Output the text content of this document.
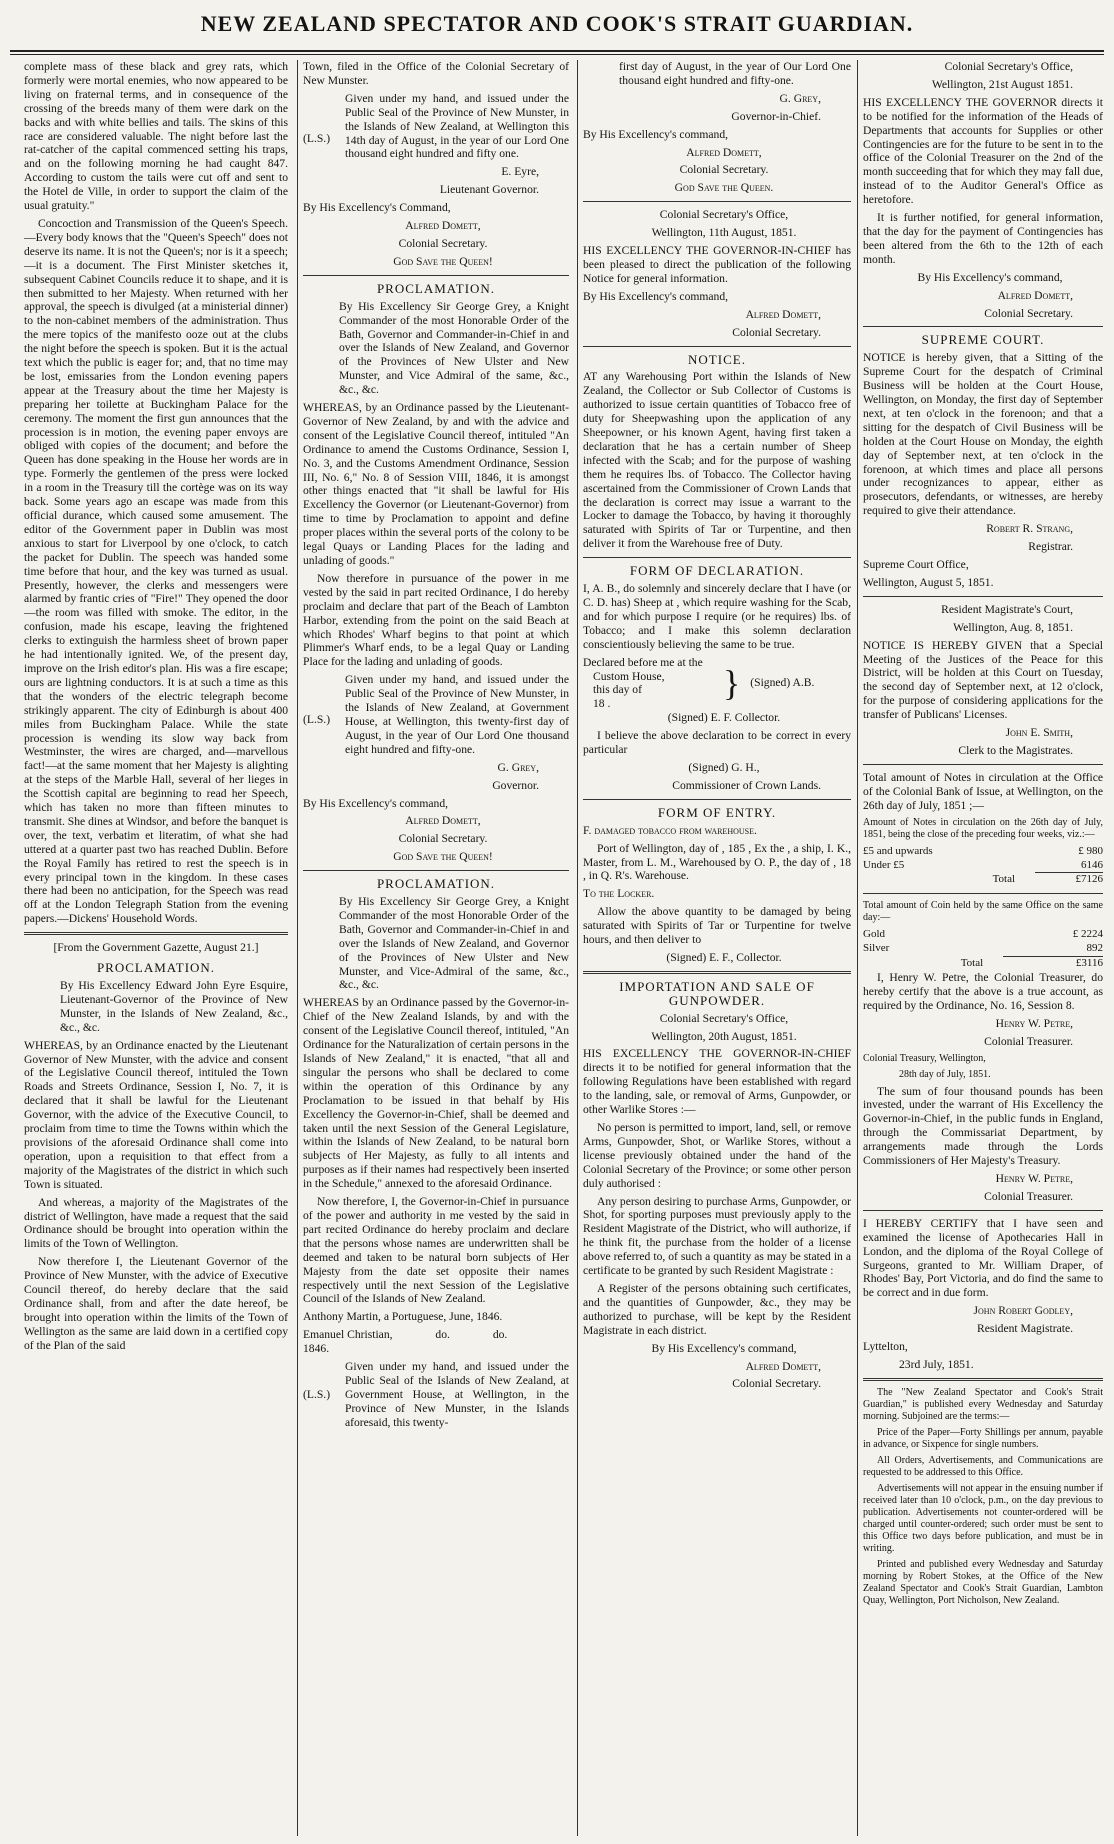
NEW ZEALAND SPECTATOR AND COOK'S STRAIT GUARDIAN.

complete mass of these black and grey rats, which formerly were mortal enemies, who now appeared to be living on fraternal terms, and in consequence of the crossing of the breeds many of them were dark on the backs and with white bellies and tails. The skins of this race are considered valuable. The night before last the rat-catcher of the capital commenced setting his traps, and on the following morning he had caught 847. According to custom the tails were cut off and sent to the Hotel de Ville, in order to support the claim of the usual gratuity."

Concoction and Transmission of the Queen's Speech.—Every body knows that the "Queen's Speech" does not deserve its name. It is not the Queen's; nor is it a speech;—it is a document. The First Minister sketches it, subsequent Cabinet Councils reduce it to shape, and it is then submitted to her Majesty. When returned with her approval, the speech is divulged (at a ministerial dinner) to the non-cabinet members of the administration. Thus the mere topics of the manifesto ooze out at the clubs the night before the speech is spoken. But it is the actual text which the public is eager for; and, that no time may be lost, emissaries from the London evening papers appear at the Treasury about the time her Majesty is preparing her toilette at Buckingham Palace for the ceremony. The moment the first gun announces that the procession is in motion, the evening paper envoys are obliged with copies of the document; and before the Queen has done speaking in the House her words are in type. Formerly the gentlemen of the press were locked in a room in the Treasury till the cortège was on its way back. Some years ago an escape was made from this official durance, which caused some amusement. The editor of the Government paper in Dublin was most anxious to start for Liverpool by one o'clock, to catch the packet for Dublin. The speech was handed some time before that hour, and the key was turned as usual. Presently, however, the clerks and messengers were alarmed by frantic cries of "Fire!" They opened the door—the room was filled with smoke. The editor, in the confusion, made his escape, leaving the frightened clerks to extinguish the harmless sheet of brown paper he had intentionally ignited. We, of the present day, improve on the Irish editor's plan. His was a fire escape; ours are lightning conductors. It is at such a time as this that the wonders of the electric telegraph become strikingly apparent. The city of Edinburgh is about 400 miles from Buckingham Palace. While the state procession is wending its slow way back from Westminster, the wires are charged, and—marvellous fact!—at the same moment that her Majesty is alighting at the steps of the Marble Hall, several of her lieges in the Scottish capital are beginning to read her Speech, which has taken no more than fifteen minutes to transmit. She dines at Windsor, and before the banquet is over, the text, verbatim et literatim, of what she had uttered at a quarter past two has reached Dublin. Before the Royal Family has retired to rest the speech is in every principal town in the kingdom. In these cases there had been no anticipation, for the Speech was read off at the London Telegraph Station from the evening papers.—Dickens' Household Words.

[From the Government Gazette, August 21.]

PROCLAMATION.

By His Excellency Edward John Eyre Esquire, Lieutenant-Governor of the Province of New Munster, in the Islands of New Zealand, &c., &c., &c.

WHEREAS, by an Ordinance enacted by the Lieutenant Governor of New Munster, with the advice and consent of the Legislative Council thereof, intituled the Town Roads and Streets Ordinance, Session I, No. 7, it is declared that it shall be lawful for the Lieutenant Governor, with the advice of the Executive Council, to proclaim from time to time the Towns within which the provisions of the aforesaid Ordinance shall come into operation, upon a requisition to that effect from a majority of the Magistrates of the district in which such Town is situated.

And whereas, a majority of the Magistrates of the district of Wellington, have made a request that the said Ordinance should be brought into operation within the limits of the Town of Wellington.

Now therefore I, the Lieutenant Governor of the Province of New Munster, with the advice of Executive Council thereof, do hereby declare that the said Ordinance shall, from and after the date hereof, be brought into operation within the limits of the Town of Wellington as the same are laid down in a certified copy of the Plan of the said

Town, filed in the Office of the Colonial Secretary of New Munster.

(L.S.)

Given under my hand, and issued under the Public Seal of the Province of New Munster, in the Islands of New Zealand, at Wellington this 14th day of August, in the year of our Lord One thousand eight hundred and fifty one.

E. Eyre,

Lieutenant Governor.

By His Excellency's Command,

Alfred Domett,

Colonial Secretary.

God Save the Queen!

PROCLAMATION.

By His Excellency Sir George Grey, a Knight Commander of the most Honorable Order of the Bath, Governor and Commander-in-Chief in and over the Islands of New Zealand, and Governor of the Provinces of New Ulster and New Munster, and Vice Admiral of the same, &c., &c., &c.

WHEREAS, by an Ordinance passed by the Lieutenant-Governor of New Zealand, by and with the advice and consent of the Legislative Council thereof, intituled "An Ordinance to amend the Customs Ordinance, Session I, No. 3, and the Customs Amendment Ordinance, Session III, No. 6," No. 8 of Session VIII, 1846, it is amongst other things enacted that "it shall be lawful for His Excellency the Governor (or Lieutenant-Governor) from time to time by Proclamation to appoint and define proper places within the several ports of the colony to be legal Quays or Landing Places for the lading and unlading of goods."

Now therefore in pursuance of the power in me vested by the said in part recited Ordinance, I do hereby proclaim and declare that part of the Beach of Lambton Harbor, extending from the point on the said Beach at which Rhodes' Wharf begins to that point at which Plimmer's Wharf ends, to be a legal Quay or Landing Place for the lading and unlading of goods.

(L.S.)

Given under my hand, and issued under the Public Seal of the Province of New Munster, in the Islands of New Zealand, at Government House, at Wellington, this twenty-first day of August, in the year of Our Lord One thousand eight hundred and fifty-one.

G. Grey,

Governor.

By His Excellency's command,

Alfred Domett,

Colonial Secretary.

God Save the Queen!

PROCLAMATION.

By His Excellency Sir George Grey, a Knight Commander of the most Honorable Order of the Bath, Governor and Commander-in-Chief in and over the Islands of New Zealand, and Governor of the Provinces of New Ulster and New Munster, and Vice-Admiral of the same, &c., &c., &c.

WHEREAS by an Ordinance passed by the Governor-in-Chief of the New Zealand Islands, by and with the consent of the Legislative Council thereof, intituled, "An Ordinance for the Naturalization of certain persons in the Islands of New Zealand," it is enacted, "that all and singular the persons who shall be declared to come within the operation of this Ordinance by any Proclamation to be issued in that behalf by His Excellency the Governor-in-Chief, shall be deemed and taken until the next Session of the General Legislature, within the Islands of New Zealand, to be natural born subjects of Her Majesty, as fully to all intents and purposes as if their names had respectively been inserted in the Schedule," annexed to the aforesaid Ordinance.

Now therefore, I, the Governor-in-Chief in pursuance of the power and authority in me vested by the said in part recited Ordinance do hereby proclaim and declare that the persons whose names are underwritten shall be deemed and taken to be natural born subjects of Her Majesty from the date set opposite their names respectively until the next Session of the Legislative Council of the Islands of New Zealand.

Anthony Martin, a Portuguese, June, 1846.

Emanuel Christian,	do.	do.
1846.

(L.S.)

Given under my hand, and issued under the Public Seal of the Islands of New Zealand, at Government House, at Wellington, in the Province of New Munster, in the Islands aforesaid, this twenty-

first day of August, in the year of Our Lord One thousand eight hundred and fifty-one.

G. Grey,

Governor-in-Chief.

By His Excellency's command,

Alfred Domett,

Colonial Secretary.

God Save the Queen.

Colonial Secretary's Office,

Wellington, 11th August, 1851.

HIS EXCELLENCY THE GOVERNOR-IN-CHIEF has been pleased to direct the publication of the following Notice for general information.

By His Excellency's command,

Alfred Domett,

Colonial Secretary.

NOTICE.

AT any Warehousing Port within the Islands of New Zealand, the Collector or Sub Collector of Customs is authorized to issue certain quantities of Tobacco free of duty for Sheepwashing upon the application of any Sheepowner, or his known Agent, having first taken a declaration that he has a certain number of Sheep infected with the Scab; and for the purpose of washing them he requires lbs. of Tobacco. The Collector having ascertained from the Commissioner of Crown Lands that the declaration is correct may issue a warrant to the Locker to damage the Tobacco, by having it thoroughly saturated with Spirits of Tar or Turpentine, and then deliver it from the Warehouse free of Duty.

FORM OF DECLARATION.

I, A. B., do solemnly and sincerely declare that I have (or C. D. has) Sheep at , which require washing for the Scab, and for which purpose I require (or he requires) lbs. of Tobacco; and I make this solemn declaration conscientiously believing the same to be true.

Declared before me at the
Custom House,
this day of
18 .
} (Signed) A.B.

(Signed) E. F. Collector.

I believe the above declaration to be correct in every particular

(Signed) G. H.,

Commissioner of Crown Lands.

FORM OF ENTRY.

F. damaged tobacco from warehouse.

Port of Wellington, day of , 185 , Ex the , a ship, I. K., Master, from L. M., Warehoused by O. P., the day of , 18 , in Q. R's. Warehouse.

To the Locker.

Allow the above quantity to be damaged by being saturated with Spirits of Tar or Turpentine for twelve hours, and then deliver to

(Signed) E. F., Collector.

IMPORTATION AND SALE OF GUNPOWDER.

Colonial Secretary's Office,

Wellington, 20th August, 1851.

HIS EXCELLENCY THE GOVERNOR-IN-CHIEF directs it to be notified for general information that the following Regulations have been established with regard to the landing, sale, or removal of Arms, Gunpowder, or other Warlike Stores :—

No person is permitted to import, land, sell, or remove Arms, Gunpowder, Shot, or Warlike Stores, without a license previously obtained under the hand of the Colonial Secretary of the Province; or some other person duly authorised :

Any person desiring to purchase Arms, Gunpowder, or Shot, for sporting purposes must previously apply to the Resident Magistrate of the District, who will authorize, if he think fit, the purchase from the holder of a license above referred to, of such a quantity as may be stated in a certificate to be granted by such Resident Magistrate :

A Register of the persons obtaining such certificates, and the quantities of Gunpowder, &c., they may be authorized to purchase, will be kept by the Resident Magistrate in each district.

By His Excellency's command,

Alfred Domett,

Colonial Secretary.

Colonial Secretary's Office,

Wellington, 21st August 1851.

HIS EXCELLENCY THE GOVERNOR directs it to be notified for the information of the Heads of Departments that accounts for Supplies or other Contingencies are for the future to be sent in to the office of the Colonial Treasurer on the 2nd of the month succeeding that for which they may fall due, instead of to the Auditor General's Office as heretofore.

It is further notified, for general information, that the day for the payment of Contingencies has been altered from the 6th to the 12th of each month.

By His Excellency's command,

Alfred Domett,

Colonial Secretary.

SUPREME COURT.

NOTICE is hereby given, that a Sitting of the Supreme Court for the despatch of Criminal Business will be holden at the Court House, Wellington, on Monday, the first day of September next, at ten o'clock in the forenoon; and that a sitting for the despatch of Civil Business will be holden at the Court House on Monday, the eighth day of September next, at ten o'clock in the forenoon, at which times and place all persons under recognizances to appear, either as prosecutors, defendants, or witnesses, are hereby required to give their attendance.

Robert R. Strang,

Registrar.

Supreme Court Office,

Wellington, August 5, 1851.

Resident Magistrate's Court,

Wellington, Aug. 8, 1851.

NOTICE IS HEREBY GIVEN that a Special Meeting of the Justices of the Peace for this District, will be holden at this Court on Tuesday, the second day of September next, at 12 o'clock, for the purpose of considering applications for the transfer of Publicans' Licenses.

John E. Smith,

Clerk to the Magistrates.

Total amount of Notes in circulation at the Office of the Colonial Bank of Issue, at Wellington, on the 26th day of July, 1851 ;—

Amount of Notes in circulation on the 26th day of July, 1851, being the close of the preceding four weeks, viz.:—

£5 and upwards	£ 980
Under £5	6146
Total	£7126

Total amount of Coin held by the same Office on the same day:—

Gold	£ 2224
Silver	892
Total	£3116

I, Henry W. Petre, the Colonial Treasurer, do hereby certify that the above is a true account, as required by the Ordinance, No. 16, Session 8.

Henry W. Petre,

Colonial Treasurer.

Colonial Treasury, Wellington,

28th day of July, 1851.

The sum of four thousand pounds has been invested, under the warrant of His Excellency the Governor-in-Chief, in the public funds in England, through the Commissariat Department, by arrangements made through the Lords Commissioners of Her Majesty's Treasury.

Henry W. Petre,

Colonial Treasurer.

I HEREBY CERTIFY that I have seen and examined the license of Apothecaries Hall in London, and the diploma of the Royal College of Surgeons, granted to Mr. William Draper, of Rhodes' Bay, Port Victoria, and do find the same to be correct and in due form.

John Robert Godley,

Resident Magistrate.

Lyttelton,

23rd July, 1851.

The "New Zealand Spectator and Cook's Strait Guardian," is published every Wednesday and Saturday morning. Subjoined are the terms:—

Price of the Paper—Forty Shillings per annum, payable in advance, or Sixpence for single numbers.

All Orders, Advertisements, and Communications are requested to be addressed to this Office.

Advertisements will not appear in the ensuing number if received later than 10 o'clock, p.m., on the day previous to publication. Advertisements not counter-ordered will be charged until counter-ordered; such order must be sent to this Office two days before publication, and must be in writing.

Printed and published every Wednesday and Saturday morning by Robert Stokes, at the Office of the New Zealand Spectator and Cook's Strait Guardian, Lambton Quay, Wellington, Port Nicholson, New Zealand.
